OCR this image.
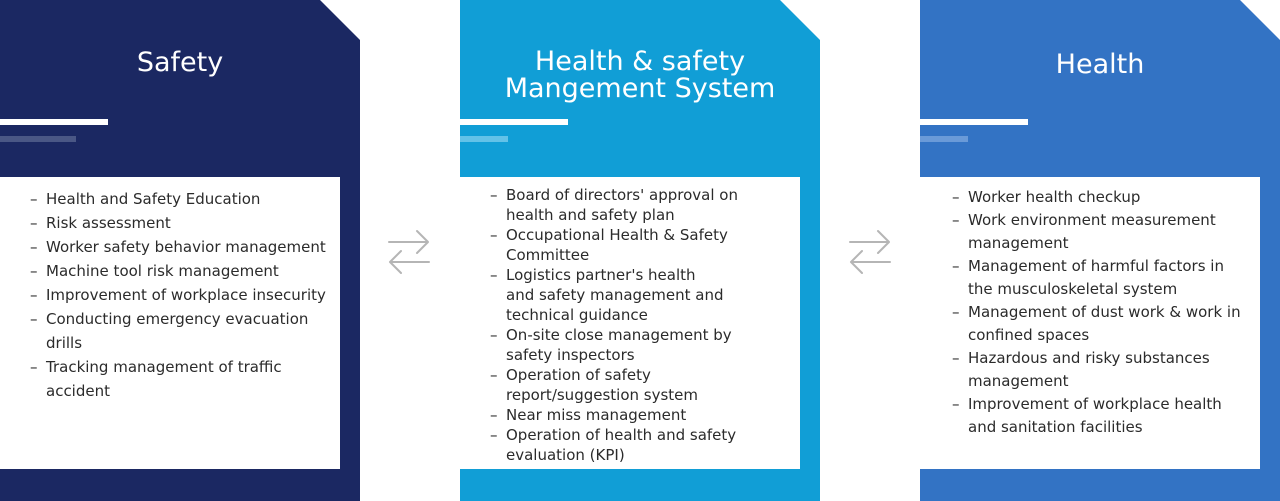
Safety
– Health and Safety Education
– Risk assessment
– Worker safety behavior management
– Machine tool risk management
– Improvement of workplace insecurity
– Conducting emergency evacuation
drills
– Tracking management of traffic
accident
Health & safety
Mangement System
– Board of directors' approval on
health and safety plan
– Occupational Health & Safety
Committee
– Logistics partner's health
and safety management and
technical guidance
– On-site close management by
safety inspectors
– Operation of safety
report/suggestion system
– Near miss management
– Operation of health and safety
evaluation (KPI)
Health
– Worker health checkup
– Work environment measurement
management
– Management of harmful factors in
the musculoskeletal system
– Management of dust work & work in
confined spaces
– Hazardous and risky substances
management
– Improvement of workplace health
and sanitation facilities
